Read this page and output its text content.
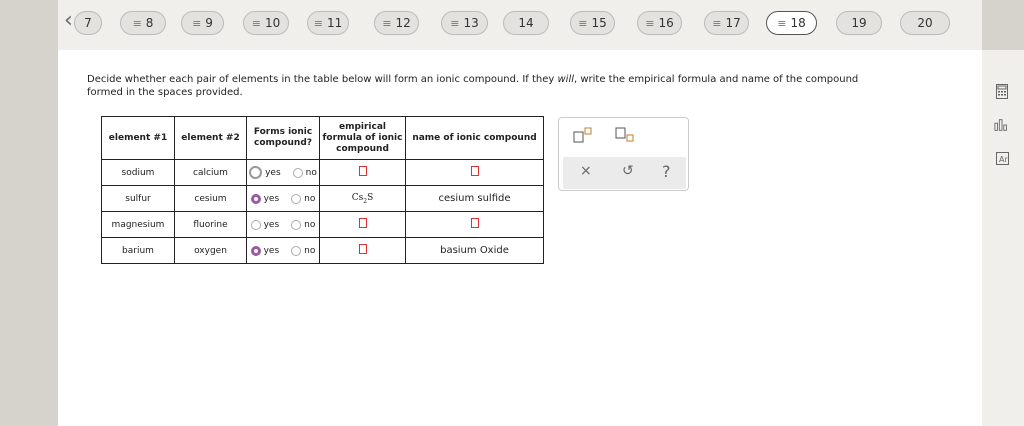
‹ 7	≡ 8	≡ 9	≡ 10	≡ 11	≡ 12	≡ 13	14	≡ 15	≡ 16	≡ 17	≡ 18	19	20
Ar
Decide whether each pair of elements in the table below will form an ionic compound. If they will, write the empirical formula and name of the compound formed in the spaces provided.
element #1	element #2	Forms ionic compound?	empirical formula of ionic compound	name of ionic compound
sodium	calcium	yes no		

sulfur	cesium	yes no	$Cs_2S$	cesium sulfide
magnesium	fluorine	yes no		

barium	oxygen	yes no		basium Oxide
× ↺ ?
